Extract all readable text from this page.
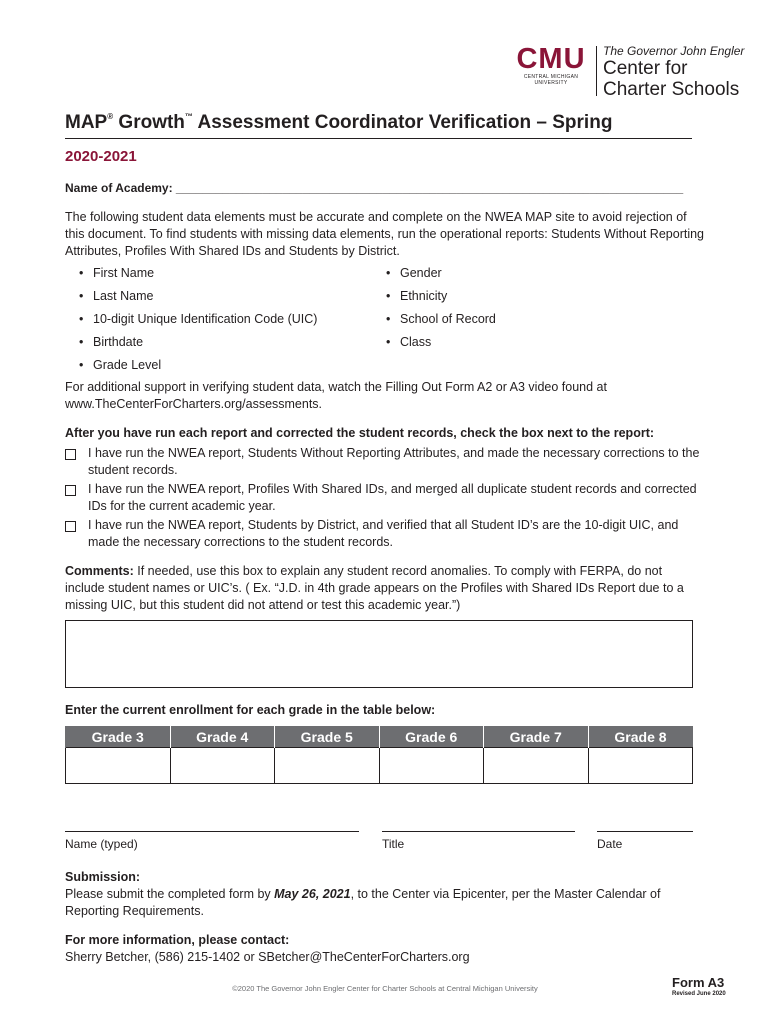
CMU
CENTRAL MICHIGAN
UNIVERSITY
The Governor John Engler
Center for
Charter Schools
MAP® Growth™ Assessment Coordinator Verification – Spring
2020-2021
Name of Academy: ____________________________________________________________________________
The following student data elements must be accurate and complete on the NWEA MAP site to avoid rejection of this document. To find students with missing data elements, run the operational reports: Students Without Reporting Attributes, Profiles With Shared IDs and Students by District.
• First Name
• Last Name
• 10-digit Unique Identification Code (UIC)
• Birthdate
• Grade Level
• Gender
• Ethnicity
• School of Record
• Class
For additional support in verifying student data, watch the Filling Out Form A2 or A3 video found at www.TheCenterForCharters.org/assessments.
After you have run each report and corrected the student records, check the box next to the report:
I have run the NWEA report, Students Without Reporting Attributes, and made the necessary corrections to the student records.
I have run the NWEA report, Profiles With Shared IDs, and merged all duplicate student records and corrected IDs for the current academic year.
I have run the NWEA report, Students by District, and verified that all Student ID’s are the 10-digit UIC, and made the necessary corrections to the student records.
Comments: If needed, use this box to explain any student record anomalies. To comply with FERPA, do not include student names or UIC’s. ( Ex. “J.D. in 4th grade appears on the Profiles with Shared IDs Report due to a missing UIC, but this student did not attend or test this academic year.”)
Enter the current enrollment for each grade in the table below:
Grade 3	Grade 4	Grade 5	Grade 6	Grade 7	Grade 8

Name (typed)	Title	Date
Submission:
Please submit the completed form by May 26, 2021, to the Center via Epicenter, per the Master Calendar of Reporting Requirements.
For more information, please contact:
Sherry Betcher, (586) 215-1402 or SBetcher@TheCenterForCharters.org
©2020 The Governor John Engler Center for Charter Schools at Central Michigan University	Form A3
Revised June 2020
